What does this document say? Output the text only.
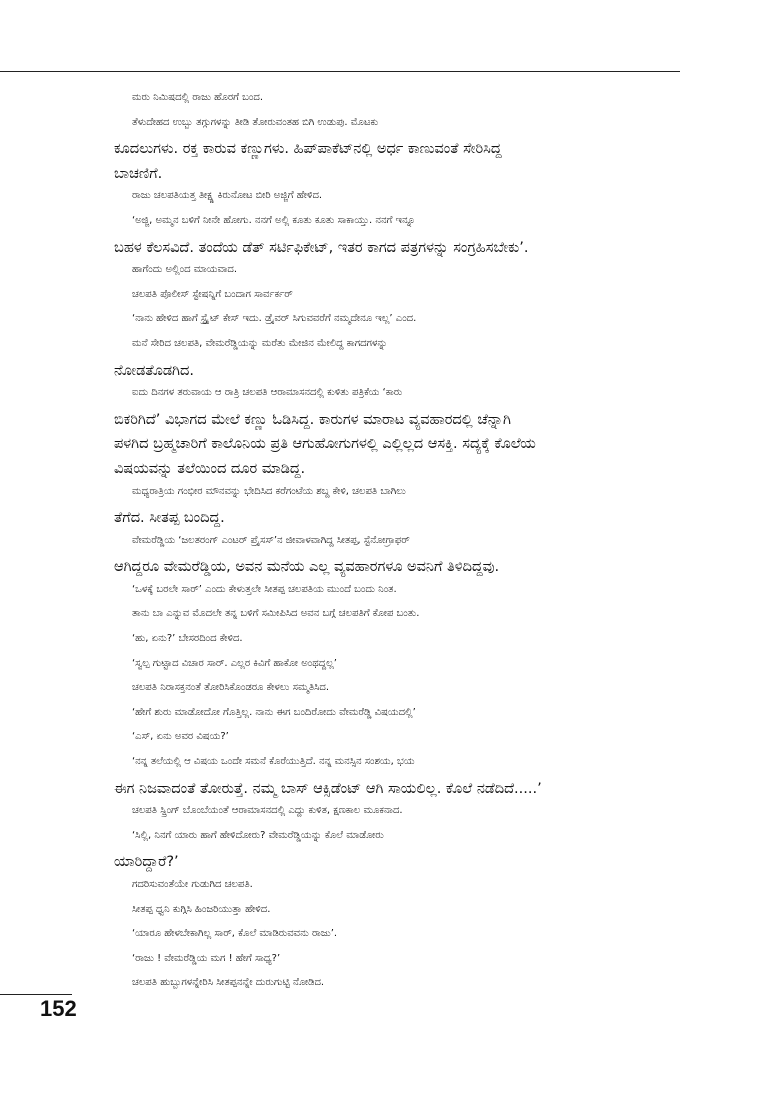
ಮರು ನಿಮಿಷದಲ್ಲಿ ರಾಜು ಹೊರಗೆ ಬಂದ.
ತೆಳುದೇಹದ ಉಬ್ಬು ತಗ್ಗುಗಳನ್ನು ತೀಡಿ ತೋರುವಂತಹ ಬಿಗಿ ಉಡುಪು. ಮೊಟಕು
ಕೂದಲುಗಳು. ರಕ್ತ ಕಾರುವ ಕಣ್ಣುಗಳು. ಹಿಪ್‌ಪಾಕೆಟ್‌ನಲ್ಲಿ ಅರ್ಧ ಕಾಣುವಂತೆ ಸೇರಿಸಿದ್ದ
ಬಾಚಣಿಗೆ.
ರಾಜು ಚಲಪತಿಯತ್ತ ತೀಕ್ಷ್ಣ ಕಿರುನೋಟ ಬೀರಿ ಅಜ್ಜಿಗೆ ಹೇಳಿದ.
‘ಅಜ್ಜಿ, ಅಮ್ಮನ ಬಳಿಗೆ ನೀನೇ ಹೋಗು. ನನಗೆ ಅಲ್ಲಿ ಕೂತು ಕೂತು ಸಾಕಾಯ್ತು. ನನಗೆ ಇನ್ನೂ
ಬಹಳ ಕೆಲಸವಿದೆ. ತಂದೆಯ ಡೆತ್ ಸರ್ಟಿಫಿಕೇಟ್, ಇತರ ಕಾಗದ ಪತ್ರಗಳನ್ನು ಸಂಗ್ರಹಿಸಬೇಕು’.
ಹಾಗೆಂದು ಅಲ್ಲಿಂದ ಮಾಯವಾದ.
ಚಲಪತಿ ಪೊಲೀಸ್ ಸ್ಟೇಷನ್ನಿಗೆ ಬಂದಾಗ ಸಾರ್ವರ್ಕರ್
‘ನಾನು ಹೇಳಿದ ಹಾಗೆ ಸ್ಟ್ರೈಟ್ ಕೇಸ್ ಇದು. ಡ್ರೈವರ್ ಸಿಗುವವರೆಗೆ ನಮ್ಮದೇನೂ ಇಲ್ಲ’ ಎಂದ.
ಮನೆ ಸೇರಿದ ಚಲಪತಿ, ವೇಮರೆಡ್ಡಿಯನ್ನು ಮರೆತು ಮೇಜಿನ ಮೇಲಿದ್ದ ಕಾಗದಗಳನ್ನು
ನೋಡತೊಡಗಿದ.
ಐದು ದಿನಗಳ ತರುವಾಯ ಆ ರಾತ್ರಿ ಚಲಪತಿ ಆರಾಮಾಸನದಲ್ಲಿ ಕುಳಿತು ಪತ್ರಿಕೆಯ ‘ಕಾರು
ಬಿಕರಿಗಿದೆ’ ವಿಭಾಗದ ಮೇಲೆ ಕಣ್ಣು ಓಡಿಸಿದ್ದ. ಕಾರುಗಳ ಮಾರಾಟ ವ್ಯವಹಾರದಲ್ಲಿ ಚೆನ್ನಾಗಿ
ಪಳಗಿದ ಬ್ರಹ್ಮಚಾರಿಗೆ ಕಾಲೊನಿಯ ಪ್ರತಿ ಆಗುಹೋಗುಗಳಲ್ಲಿ ಎಲ್ಲಿಲ್ಲದ ಆಸಕ್ತಿ. ಸದ್ಯಕ್ಕೆ ಕೊಲೆಯ
ವಿಷಯವನ್ನು ತಲೆಯಿಂದ ದೂರ ಮಾಡಿದ್ದ.
ಮಧ್ಯರಾತ್ರಿಯ ಗಂಭೀರ ಮೌನವನ್ನು ಭೇದಿಸಿದ ಕರೆಗಂಟೆಯ ಶಬ್ದ ಕೇಳಿ, ಚಲಪತಿ ಬಾಗಿಲು
ತೆಗೆದ. ಸೀತಪ್ಪ ಬಂದಿದ್ದ.
ವೇಮರೆಡ್ಡಿಯ ‘ಜಲತರಂಗ್ ಎಂಟರ್ ಪ್ರೈಸಸ್’ನ ಜೀವಾಳವಾಗಿದ್ದ ಸೀತಪ್ಪ, ಸ್ಟೆನೋಗ್ರಾಫರ್
ಆಗಿದ್ದರೂ ವೇಮರೆಡ್ಡಿಯ, ಅವನ ಮನೆಯ ಎಲ್ಲ ವ್ಯವಹಾರಗಳೂ ಅವನಿಗೆ ತಿಳಿದಿದ್ದವು.
‘ಒಳಕ್ಕೆ ಬರಲೇ ಸಾರ್’ ಎಂದು ಕೇಳುತ್ತಲೇ ಸೀತಪ್ಪ ಚಲಪತಿಯ ಮುಂದೆ ಬಂದು ನಿಂತ.
ತಾನು ಬಾ ಎನ್ನುವ ಮೊದಲೇ ತನ್ನ ಬಳಿಗೆ ಸಮೀಪಿಸಿದ ಅವನ ಬಗ್ಗೆ ಚಲಪತಿಗೆ ಕೋಪ ಬಂತು.
‘ಹು, ಏನು?’ ಬೇಸರದಿಂದ ಕೇಳಿದ.
‘ಸ್ವಲ್ಪ ಗುಟ್ಟಾದ ವಿಚಾರ ಸಾರ್. ಎಲ್ಲರ ಕಿವಿಗೆ ಹಾಕೋ ಅಂಥದ್ದಲ್ಲ’
ಚಲಪತಿ ನಿರಾಸಕ್ತನಂತೆ ತೋರಿಸಿಕೊಂಡರೂ ಕೇಳಲು ಸಮ್ಮತಿಸಿದ.
‘ಹೇಗೆ ಶುರು ಮಾಡೋದೋ ಗೊತ್ತಿಲ್ಲ. ನಾನು ಈಗ ಬಂದಿರೋದು ವೇಮರೆಡ್ಡಿ ವಿಷಯದಲ್ಲಿ’
‘ಎಸ್, ಏನು ಅವರ ವಿಷಯ?’
‘ನನ್ನ ತಲೆಯಲ್ಲಿ ಆ ವಿಷಯ ಒಂದೇ ಸಮನೆ ಕೊರೆಯುತ್ತಿದೆ. ನನ್ನ ಮನಸ್ಸಿನ ಸಂಶಯ, ಭಯ
ಈಗ ನಿಜವಾದಂತೆ ತೋರುತ್ತೆ. ನಮ್ಮ ಬಾಸ್ ಆಕ್ಸಿಡೆಂಟ್ ಆಗಿ ಸಾಯಲಿಲ್ಲ. ಕೊಲೆ ನಡೆದಿದೆ.....’
ಚಲಪತಿ ಸ್ಪ್ರಿಂಗ್ ಬೊಂಬೆಯಂತೆ ಆರಾಮಾಸನದಲ್ಲಿ ಎದ್ದು ಕುಳಿತ, ಕ್ಷಣಕಾಲ ಮೂಕನಾದ.
‘ಸಿಲ್ಲಿ, ನಿನಗೆ ಯಾರು ಹಾಗೆ ಹೇಳಿದೋರು? ವೇಮರೆಡ್ಡಿಯನ್ನು ಕೊಲೆ ಮಾಡೋರು
ಯಾರಿದ್ದಾರೆ?’
ಗದರಿಸುವಂತೆಯೇ ಗುಡುಗಿದ ಚಲಪತಿ.
ಸೀತಪ್ಪ ಧ್ವನಿ ಕುಗ್ಗಿಸಿ ಹಿಂಜರಿಯುತ್ತಾ ಹೇಳಿದ.
‘ಯಾರೂ ಹೇಳಬೇಕಾಗಿಲ್ಲ ಸಾರ್, ಕೊಲೆ ಮಾಡಿರುವವನು ರಾಜು’.
‘ರಾಜು ! ವೇಮರೆಡ್ಡಿಯ ಮಗ ! ಹೇಗೆ ಸಾಧ್ಯ?’
ಚಲಪತಿ ಹುಬ್ಬುಗಳನ್ನೇರಿಸಿ ಸೀತಪ್ಪನನ್ನೇ ದುರುಗುಟ್ಟಿ ನೋಡಿದ.
152
